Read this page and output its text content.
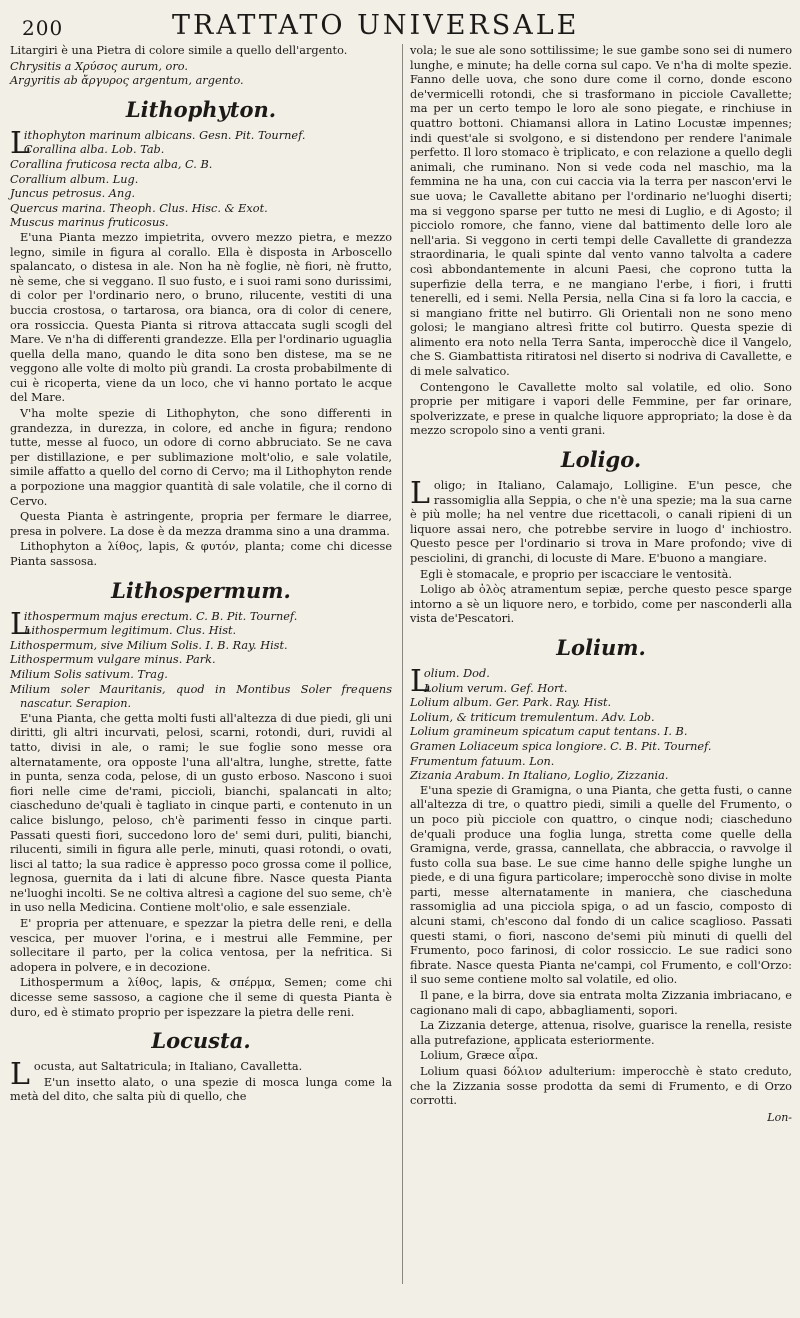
200	TRATTATO UNIVERSALE

Litargiri è una Pietra di colore simile a quello dell'argento.

Chrysitis a Χρύσος aurum, oro.

Argyritis ab ἄργυρος argentum, argento.

Lithophyton.

L
ithophyton marinum albicans. Gesn. Pit. Tournef.

Corallina alba. Lob. Tab.

Corallina fruticosa recta alba, C. B.

Corallium album. Lug.

Juncus petrosus. Ang.

Quercus marina. Theoph. Clus. Hisc. & Exot.

Muscus marinus fruticosus.

E'una Pianta mezzo impietrita, ovvero mezzo pietra, e mezzo legno, simile in figura al corallo. Ella è disposta in Arboscello spalancato, o distesa in ale. Non ha nè foglie, nè fiori, nè frutto, nè seme, che si veggano. Il suo fusto, e i suoi rami sono durissimi, di color per l'ordinario nero, o bruno, rilucente, vestiti di una buccia crostosa, o tartarosa, ora bianca, ora di color di cenere, ora rossiccia. Questa Pianta si ritrova attaccata sugli scogli del Mare. Ve n'ha di differenti grandezze. Ella per l'ordinario uguaglia quella della mano, quando le dita sono ben distese, ma se ne veggono alle volte di molto più grandi. La crosta probabilmente di cui è ricoperta, viene da un loco, che vi hanno portato le acque del Mare.

V'ha molte spezie di Lithophyton, che sono differenti in grandezza, in durezza, in colore, ed anche in figura; rendono tutte, messe al fuoco, un odore di corno abbruciato. Se ne cava per distillazione, e per sublimazione molt'olio, e sale volatile, simile affatto a quello del corno di Cervo; ma il Lithophyton rende a porpozione una maggior quantità di sale volatile, che il corno di Cervo.

Questa Pianta è astringente, propria per fermare le diarree, presa in polvere. La dose è da mezza dramma sino a una dramma.

Lithophyton a λίθος, lapis, & φυτόν, planta; come chi dicesse Pianta sassosa.

Lithospermum.

L
ithospermum majus erectum. C. B. Pit. Tournef.

Lithospermum legitimum. Clus. Hist.

Lithospermum, sive Milium Solis. I. B. Ray. Hist.

Lithospermum vulgare minus. Park.

Milium Solis sativum. Trag.

Milium soler Mauritanis, quod in Montibus Soler frequens nascatur. Serapion.

E'una Pianta, che getta molti fusti all'altezza di due piedi, gli uni diritti, gli altri incurvati, pelosi, scarni, rotondi, duri, ruvidi al tatto, divisi in ale, o rami; le sue foglie sono messe ora alternatamente, ora opposte l'una all'altra, lunghe, strette, fatte in punta, senza coda, pelose, di un gusto erboso. Nascono i suoi fiori nelle cime de'rami, piccioli, bianchi, spalancati in alto; ciascheduno de'quali è tagliato in cinque parti, e contenuto in un calice bislungo, peloso, ch'è parimenti fesso in cinque parti. Passati questi fiori, succedono loro de' semi duri, puliti, bianchi, rilucenti, simili in figura alle perle, minuti, quasi rotondi, o ovati, lisci al tatto; la sua radice è appresso poco grossa come il pollice, legnosa, guernita da i lati di alcune fibre. Nasce questa Pianta ne'luoghi incolti. Se ne coltiva altresì a cagione del suo seme, ch'è in uso nella Medicina. Contiene molt'olio, e sale essenziale.

E' propria per attenuare, e spezzar la pietra delle reni, e della vescica, per muover l'orina, e i mestrui alle Femmine, per sollecitare il parto, per la colica ventosa, per la nefritica. Si adopera in polvere, e in decozione.

Lithospermum a λίθος, lapis, & σπέρμα, Semen; come chi dicesse seme sassoso, a cagione che il seme di questa Pianta è duro, ed è stimato proprio per ispezzare la pietra delle reni.

Locusta.

Locusta, aut Saltatricula; in Italiano, Cavalletta.

E'un insetto alato, o una spezie di mosca lunga come la metà del dito, che salta più di quello, che

vola; le sue ale sono sottilissime; le sue gambe sono sei di numero lunghe, e minute; ha delle corna sul capo. Ve n'ha di molte spezie. Fanno delle uova, che sono dure come il corno, donde escono de'vermicelli rotondi, che si trasformano in picciole Cavallette; ma per un certo tempo le loro ale sono piegate, e rinchiuse in quattro bottoni. Chiamansi allora in Latino Locustæ impennes; indi quest'ale si svolgono, e si distendono per rendere l'animale perfetto. Il loro stomaco è triplicato, e con relazione a quello degli animali, che ruminano. Non si vede coda nel maschio, ma la femmina ne ha una, con cui caccia via la terra per nascon'ervi le sue uova; le Cavallette abitano per l'ordinario ne'luoghi diserti; ma si veggono sparse per tutto ne mesi di Luglio, e di Agosto; il picciolo romore, che fanno, viene dal battimento delle loro ale nell'aria. Si veggono in certi tempi delle Cavallette di grandezza straordinaria, le quali spinte dal vento vanno talvolta a cadere così abbondantemente in alcuni Paesi, che coprono tutta la superfizie della terra, e ne mangiano l'erbe, i fiori, i frutti tenerelli, ed i semi. Nella Persia, nella Cina si fa loro la caccia, e si mangiano fritte nel butirro. Gli Orientali non ne sono meno golosi; le mangiano altresì fritte col butirro. Questa spezie di alimento era noto nella Terra Santa, imperocchè dice il Vangelo, che S. Giambattista ritiratosi nel diserto si nodriva di Cavallette, e di mele salvatico.

Contengono le Cavallette molto sal volatile, ed olio. Sono proprie per mitigare i vapori delle Femmine, per far orinare, spolverizzate, e prese in qualche liquore appropriato; la dose è da mezzo scropolo sino a venti grani.

Loligo.

Loligo; in Italiano, Calamajo, Lolligine. E'un pesce, che rassomiglia alla Seppia, o che n'è una spezie; ma la sua carne è più molle; ha nel ventre due ricettacoli, o canali ripieni di un liquore assai nero, che potrebbe servire in luogo d' inchiostro. Questo pesce per l'ordinario si trova in Mare profondo; vive di pesciolini, di granchi, di locuste di Mare. E'buono a mangiare.

Egli è stomacale, e proprio per iscacciare le ventosità.

Loligo ab ὀλὸς atramentum sepiæ, perche questo pesce sparge intorno a sè un liquore nero, e torbido, come per nasconderli alla vista de'Pescatori.

Lolium.

L
olium. Dod.

Lolium verum. Gef. Hort.

Lolium album. Ger. Park. Ray. Hist.

Lolium, & triticum tremulentum. Adv. Lob.

Lolium gramineum spicatum caput tentans. I. B.

Gramen Loliaceum spica longiore. C. B. Pit. Tournef.

Frumentum fatuum. Lon.

Zizania Arabum. In Italiano, Loglio, Zizzania.

E'una spezie di Gramigna, o una Pianta, che getta fusti, o canne all'altezza di tre, o quattro piedi, simili a quelle del Frumento, o un poco più picciole con quattro, o cinque nodi; ciascheduno de'quali produce una foglia lunga, stretta come quelle della Gramigna, verde, grassa, cannellata, che abbraccia, o ravvolge il fusto colla sua base. Le sue cime hanno delle spighe lunghe un piede, e di una figura particolare; imperocchè sono divise in molte parti, messe alternatamente in maniera, che ciascheduna rassomiglia ad una picciola spiga, o ad un fascio, composto di alcuni stami, ch'escono dal fondo di un calice scaglioso. Passati questi stami, o fiori, nascono de'semi più minuti di quelli del Frumento, poco farinosi, di color rossiccio. Le sue radici sono fibrate. Nasce questa Pianta ne'campi, col Frumento, e coll'Orzo: il suo seme contiene molto sal volatile, ed olio.

Il pane, e la birra, dove sia entrata molta Zizzania imbriacano, e cagionano mali di capo, abbagliamenti, sopori.

La Zizzania deterge, attenua, risolve, guarisce la renella, resiste alla putrefazione, applicata esteriormente.

Lolium, Græce αἶρα.

Lolium quasi δόλιον adulterium: imperocchè è stato creduto, che la Zizzania sosse prodotta da semi di Frumento, e di Orzo corrotti.

Lon-
